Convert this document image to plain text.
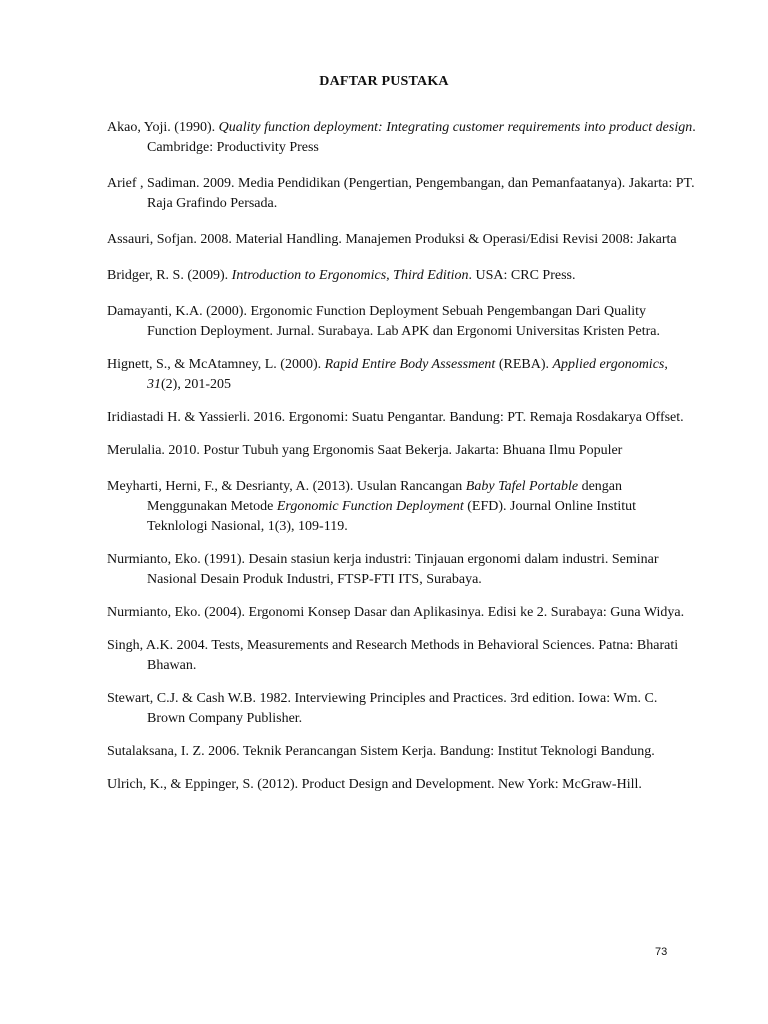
DAFTAR PUSTAKA

Akao, Yoji. (1990). Quality function deployment: Integrating customer requirements into product design. Cambridge: Productivity Press

Arief , Sadiman. 2009. Media Pendidikan (Pengertian, Pengembangan, dan Pemanfaatanya). Jakarta: PT. Raja Grafindo Persada.

Assauri, Sofjan. 2008. Material Handling. Manajemen Produksi & Operasi/Edisi Revisi 2008: Jakarta

Bridger, R. S. (2009). Introduction to Ergonomics, Third Edition. USA: CRC Press.

Damayanti, K.A. (2000). Ergonomic Function Deployment Sebuah Pengembangan Dari Quality Function Deployment. Jurnal. Surabaya. Lab APK dan Ergonomi Universitas Kristen Petra.

Hignett, S., & McAtamney, L. (2000). Rapid Entire Body Assessment (REBA). Applied ergonomics, 31(2), 201-205

Iridiastadi H. & Yassierli. 2016. Ergonomi: Suatu Pengantar. Bandung: PT. Remaja Rosdakarya Offset.

Merulalia. 2010. Postur Tubuh yang Ergonomis Saat Bekerja. Jakarta: Bhuana Ilmu Populer

Meyharti, Herni, F., & Desrianty, A. (2013). Usulan Rancangan Baby Tafel Portable dengan Menggunakan Metode Ergonomic Function Deployment (EFD). Journal Online Institut Teknlologi Nasional, 1(3), 109-119.

Nurmianto, Eko. (1991). Desain stasiun kerja industri: Tinjauan ergonomi dalam industri. Seminar Nasional Desain Produk Industri, FTSP-FTI ITS, Surabaya.

Nurmianto, Eko. (2004). Ergonomi Konsep Dasar dan Aplikasinya. Edisi ke 2. Surabaya: Guna Widya.

Singh, A.K. 2004. Tests, Measurements and Research Methods in Behavioral Sciences. Patna: Bharati Bhawan.

Stewart, C.J. & Cash W.B. 1982. Interviewing Principles and Practices. 3rd edition. Iowa: Wm. C. Brown Company Publisher.

Sutalaksana, I. Z. 2006. Teknik Perancangan Sistem Kerja. Bandung: Institut Teknologi Bandung.

Ulrich, K., & Eppinger, S. (2012). Product Design and Development. New York: McGraw-Hill.

73
